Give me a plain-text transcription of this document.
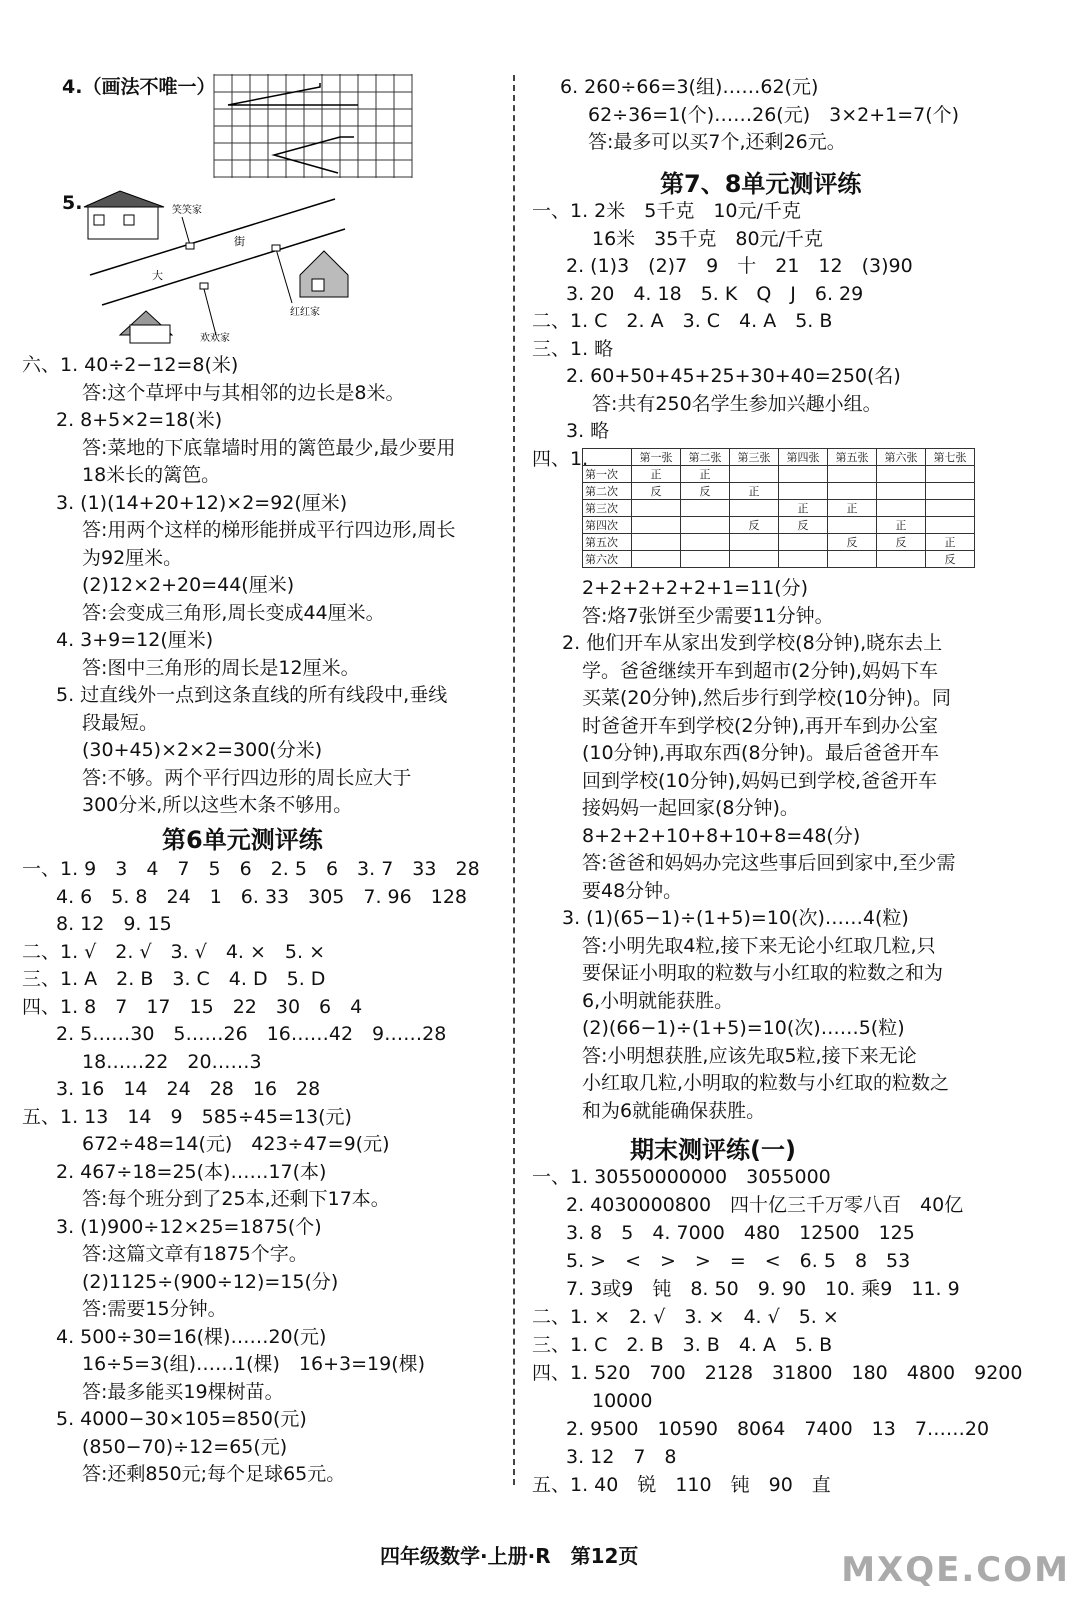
4.（画法不唯一）
5.	笑笑家
红红家
欢欢家
大
街
六、1. 40÷2−12=8(米)
答:这个草坪中与其相邻的边长是8米。
2. 8+5×2=18(米)
答:菜地的下底靠墙时用的篱笆最少,最少要用
18米长的篱笆。
3. (1)(14+20+12)×2=92(厘米)
答:用两个这样的梯形能拼成平行四边形,周长
为92厘米。
(2)12×2+20=44(厘米)
答:会变成三角形,周长变成44厘米。
4. 3+9=12(厘米)
答:图中三角形的周长是12厘米。
5. 过直线外一点到这条直线的所有线段中,垂线
段最短。
(30+45)×2×2=300(分米)
答:不够。两个平行四边形的周长应大于
300分米,所以这些木条不够用。
第6单元测评练
一、1. 9　3　4　7　5　6　2. 5　6　3. 7　33　28
4. 6　5. 8　24　1　6. 33　305　7. 96　128
8. 12　9. 15
二、1. √　2. √　3. √　4. ×　5. ×
三、1. A　2. B　3. C　4. D　5. D
四、1. 8　7　17　15　22　30　6　4
2. 5……30　5……26　16……42　9……28
18……22　20……3
3. 16　14　24　28　16　28
五、1. 13　14　9　585÷45=13(元)
672÷48=14(元)　423÷47=9(元)
2. 467÷18=25(本)……17(本)
答:每个班分到了25本,还剩下17本。
3. (1)900÷12×25=1875(个)
答:这篇文章有1875个字。
(2)1125÷(900÷12)=15(分)
答:需要15分钟。
4. 500÷30=16(棵)……20(元)
16÷5=3(组)……1(棵)　16+3=19(棵)
答:最多能买19棵树苗。
5. 4000−30×105=850(元)
(850−70)÷12=65(元)
答:还剩850元;每个足球65元。
6. 260÷66=3(组)……62(元)
62÷36=1(个)……26(元)　3×2+1=7(个)
答:最多可以买7个,还剩26元。
第7、8单元测评练
一、1. 2米　5千克　10元/千克
16米　35千克　80元/千克
2. (1)3　(2)7　9　十　21　12　(3)90
3. 20　4. 18　5. K　Q　J　6. 29
二、1. C　2. A　3. C　4. A　5. B
三、1. 略
2. 60+50+45+25+30+40=250(名)
答:共有250名学生参加兴趣小组。
3. 略
四、1.
2+2+2+2+2+1=11(分)
答:烙7张饼至少需要11分钟。
2. 他们开车从家出发到学校(8分钟),晓东去上
学。爸爸继续开车到超市(2分钟),妈妈下车
买菜(20分钟),然后步行到学校(10分钟)。同
时爸爸开车到学校(2分钟),再开车到办公室
(10分钟),再取东西(8分钟)。最后爸爸开车
回到学校(10分钟),妈妈已到学校,爸爸开车
接妈妈一起回家(8分钟)。
8+2+2+10+8+10+8=48(分)
答:爸爸和妈妈办完这些事后回到家中,至少需
要48分钟。
3. (1)(65−1)÷(1+5)=10(次)……4(粒)
答:小明先取4粒,接下来无论小红取几粒,只
要保证小明取的粒数与小红取的粒数之和为
6,小明就能获胜。
(2)(66−1)÷(1+5)=10(次)……5(粒)
答:小明想获胜,应该先取5粒,接下来无论
小红取几粒,小明取的粒数与小红取的粒数之
和为6就能确保获胜。
期末测评练(一)
一、1. 30550000000　3055000
2. 4030000800　四十亿三千万零八百　40亿
3. 8　5　4. 7000　480　12500　125
5. >　<　>　>　=　<　6. 5　8　53
7. 3或9　钝　8. 50　9. 90　10. 乘9　11. 9
二、1. ×　2. √　3. ×　4. √　5. ×
三、1. C　2. B　3. B　4. A　5. B
四、1. 520　700　2128　31800　180　4800　9200
10000
2. 9500　10590　8064　7400　13　7……20
3. 12　7　8
五、1. 40　锐　110　钝　90　直
	第一张	第二张	第三张	第四张	第五张	第六张	第七张
第一次	正	正					
第二次	反	反	正				
第三次				正	正		
第四次			反	反		正	
第五次					反	反	正
第六次							反
四年级数学·上册·R　第12页	MXQE.COM
